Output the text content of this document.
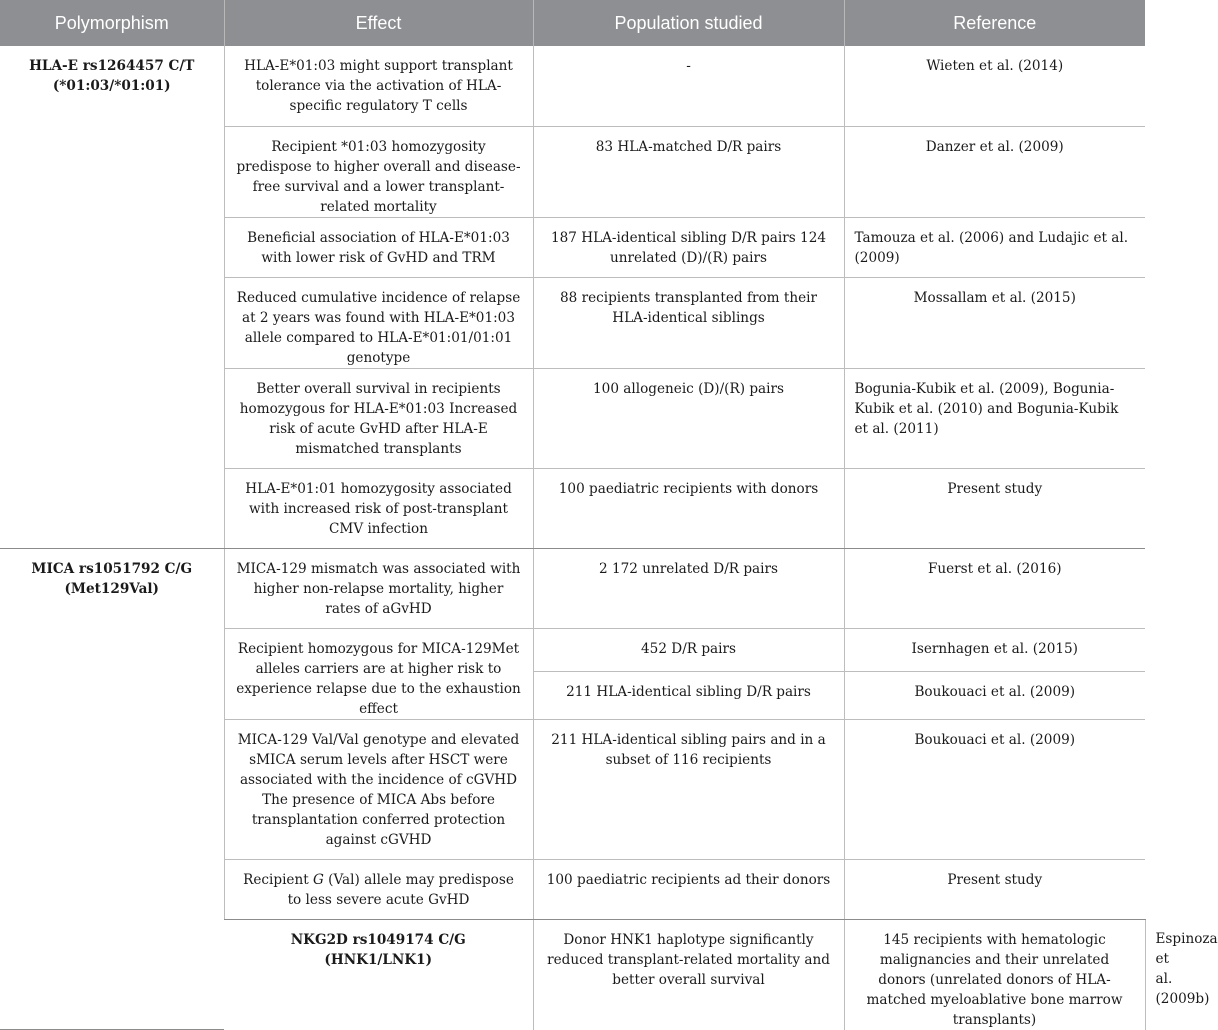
Polymorphism	Effect	Population studied	Reference	

HLA-E rs1264457 C/T
(*01:03/*01:01)	HLA-E*01:03 might support transplant tolerance via the activation of HLA-specific regulatory T cells	-	Wieten et al. (2014)	
	Recipient *01:03 homozygosity predispose to higher overall and disease-free survival and a lower transplant-related mortality	83 HLA-matched D/R pairs	Danzer et al. (2009)	
	Beneficial association of HLA-E*01:03 with lower risk of GvHD and TRM	187 HLA-identical sibling D/R pairs 124 unrelated (D)/(R) pairs	Tamouza et al. (2006) and Ludajic et al. (2009)	
	Reduced cumulative incidence of relapse at 2 years was found with HLA-E*01:03 allele compared to HLA-E*01:01/01:01 genotype	88 recipients transplanted from their HLA-identical siblings	Mossallam et al. (2015)	
	Better overall survival in recipients homozygous for HLA-E*01:03 Increased risk of acute GvHD after HLA-E mismatched transplants	100 allogeneic (D)/(R) pairs	Bogunia-Kubik et al. (2009), Bogunia-Kubik et al. (2010) and Bogunia-Kubik et al. (2011)	
	HLA-E*01:01 homozygosity associated with increased risk of post-transplant CMV infection	100 paediatric recipients with donors	Present study	

MICA rs1051792 C/G
(Met129Val)	MICA-129 mismatch was associated with higher non-relapse mortality, higher rates of aGvHD	2 172 unrelated D/R pairs	Fuerst et al. (2016)	
	Recipient homozygous for MICA-129Met alleles carriers are at higher risk to experience relapse due to the exhaustion effect	452 D/R pairs	Isernhagen et al. (2015)	
		211 HLA-identical sibling D/R pairs	Boukouaci et al. (2009)	
	MICA-129 Val/Val genotype and elevated sMICA serum levels after HSCT were associated with the incidence of cGVHD The presence of MICA Abs before transplantation conferred protection against cGVHD	211 HLA-identical sibling pairs and in a subset of 116 recipients	Boukouaci et al. (2009)	
	Recipient G (Val) allele may predispose to less severe acute GvHD	100 paediatric recipients ad their donors	Present study	

	NKG2D rs1049174 C/G
(HNK1/LNK1)	Donor HNK1 haplotype significantly reduced transplant-related mortality and better overall survival	145 recipients with hematologic malignancies and their unrelated donors (unrelated donors of HLA-matched myeloablative bone marrow transplants)	Espinoza et al. (2009b)
